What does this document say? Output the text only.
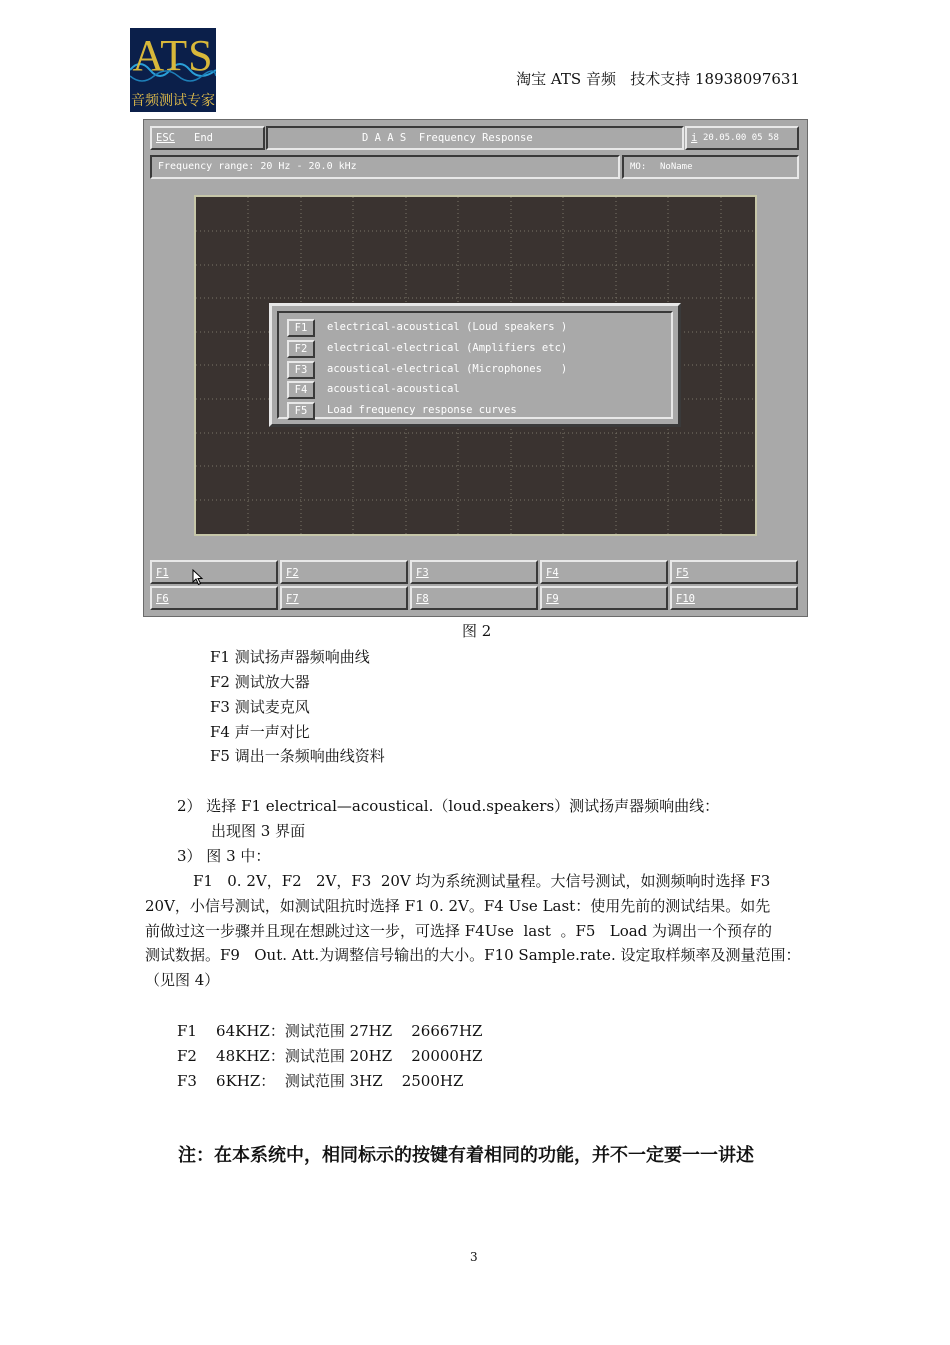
ATS
音频测试专家
淘宝 ATS 音频   技术支持 18938097631
ESC End	D A A S  Frequency Response	i 20.05.00 05 58
Frequency range: 20 Hz - 20.0 kHz	MO: NoName
F1	electrical-acoustical (Loud speakers )
F2	electrical-electrical (Amplifiers etc)
F3	acoustical-electrical (Microphones   )
F4	acoustical-acoustical
F5	Load frequency response curves
F1	F2	F3	F4	F5
F6	F7	F8	F9	F10
图 2
F1 测试扬声器频响曲线
F2 测试放大器
F3 测试麦克风
F4 声一声对比
F5 调出一条频响曲线资料
2） 选择 F1 electrical—acoustical.（loud.speakers）测试扬声器频响曲线：
出现图 3 界面
3） 图 3 中：
F1   0. 2V，F2   2V，F3  20V 均为系统测试量程。大信号测试，如测频响时选择 F3
20V，小信号测试，如测试阻抗时选择 F1 0. 2V。F4 Use Last：使用先前的测试结果。如先
前做过这一步骤并且现在想跳过这一步，可选择 F4Use  last  。F5   Load 为调出一个预存的
测试数据。F9   Out. Att.为调整信号输出的大小。F10 Sample.rate. 设定取样频率及测量范围：
（见图 4）
F1    64KHZ：测试范围 27HZ    26667HZ
F2    48KHZ：测试范围 20HZ    20000HZ
F3    6KHZ：  测试范围 3HZ    2500HZ
注：在本系统中，相同标示的按键有着相同的功能，并不一定要一一讲述
3
